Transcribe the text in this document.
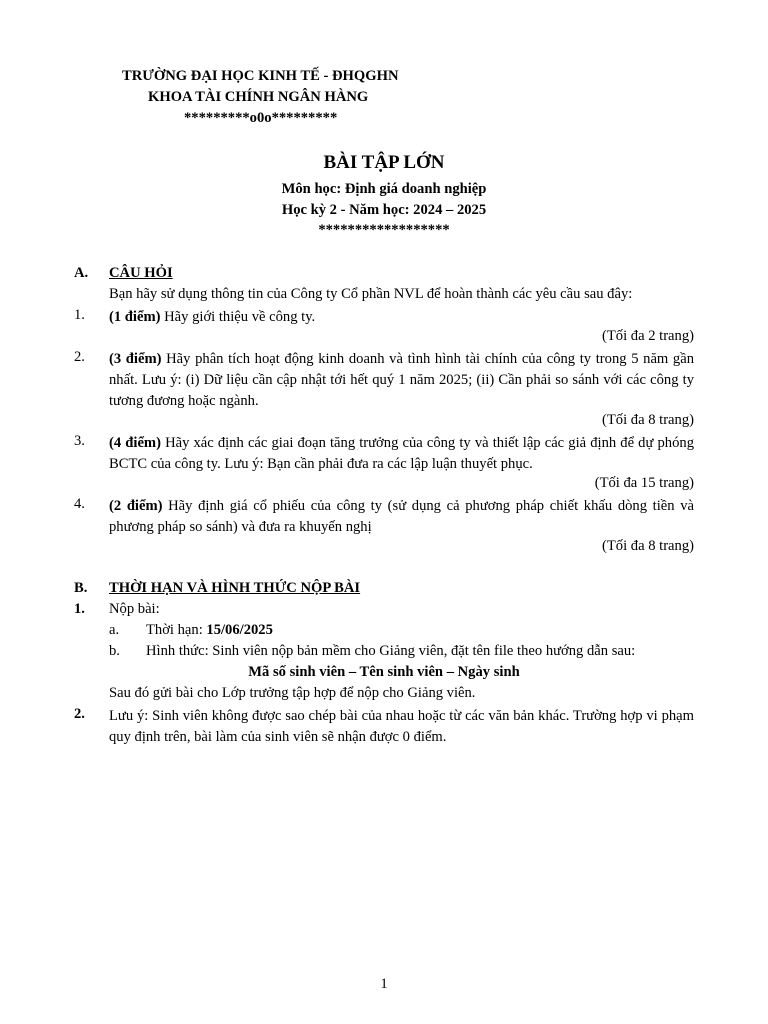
TRƯỜNG ĐẠI HỌC KINH TẾ - ĐHQGHN
KHOA TÀI CHÍNH NGÂN HÀNG
*********o0o*********
BÀI TẬP LỚN
Môn học: Định giá doanh nghiệp
Học kỳ 2 - Năm học: 2024 – 2025
******************
A. CÂU HỎI
Bạn hãy sử dụng thông tin của Công ty Cổ phần NVL để hoàn thành các yêu cầu sau đây:
1. (1 điểm) Hãy giới thiệu về công ty.
(Tối đa 2 trang)
2. (3 điểm) Hãy phân tích hoạt động kinh doanh và tình hình tài chính của công ty trong 5 năm gần nhất. Lưu ý: (i) Dữ liệu cần cập nhật tới hết quý 1 năm 2025; (ii) Cần phải so sánh với các công ty tương đương hoặc ngành.
(Tối đa 8 trang)
3. (4 điểm) Hãy xác định các giai đoạn tăng trưởng của công ty và thiết lập các giả định để dự phóng BCTC của công ty. Lưu ý: Bạn cần phải đưa ra các lập luận thuyết phục.
(Tối đa 15 trang)
4. (2 điểm) Hãy định giá cổ phiếu của công ty (sử dụng cả phương pháp chiết khấu dòng tiền và phương pháp so sánh) và đưa ra khuyến nghị
(Tối đa 8 trang)
B. THỜI HẠN VÀ HÌNH THỨC NỘP BÀI
1. Nộp bài:
a. Thời hạn: 15/06/2025
b. Hình thức: Sinh viên nộp bản mềm cho Giảng viên, đặt tên file theo hướng dẫn sau:
Mã số sinh viên – Tên sinh viên – Ngày sinh
Sau đó gửi bài cho Lớp trưởng tập hợp để nộp cho Giảng viên.
2. Lưu ý: Sinh viên không được sao chép bài của nhau hoặc từ các văn bản khác. Trường hợp vi phạm quy định trên, bài làm của sinh viên sẽ nhận được 0 điểm.
1
